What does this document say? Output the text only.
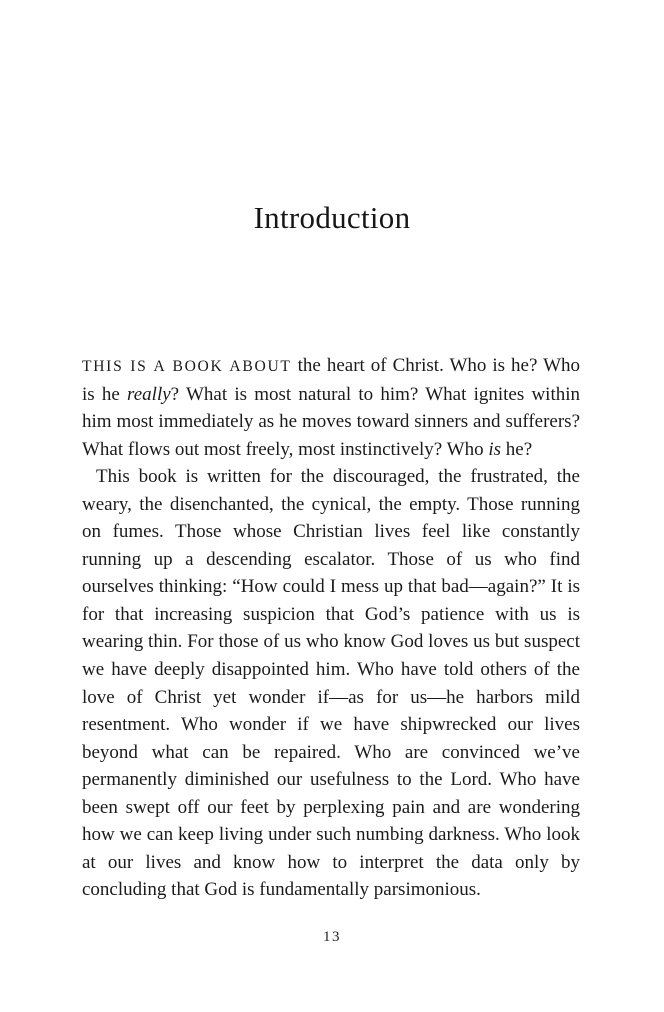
Introduction

THIS IS A BOOK ABOUT the heart of Christ. Who is he? Who is he really? What is most natural to him? What ignites within him most immediately as he moves toward sinners and sufferers? What flows out most freely, most instinctively? Who is he?

This book is written for the discouraged, the frustrated, the weary, the disenchanted, the cynical, the empty. Those running on fumes. Those whose Christian lives feel like constantly running up a descending escalator. Those of us who find ourselves thinking: “How could I mess up that bad—again?” It is for that increasing suspicion that God’s patience with us is wearing thin. For those of us who know God loves us but suspect we have deeply disappointed him. Who have told others of the love of Christ yet wonder if—as for us—he harbors mild resentment. Who wonder if we have shipwrecked our lives beyond what can be repaired. Who are convinced we’ve permanently diminished our usefulness to the Lord. Who have been swept off our feet by perplexing pain and are wondering how we can keep living under such numbing darkness. Who look at our lives and know how to interpret the data only by concluding that God is fundamentally parsimonious.

13
